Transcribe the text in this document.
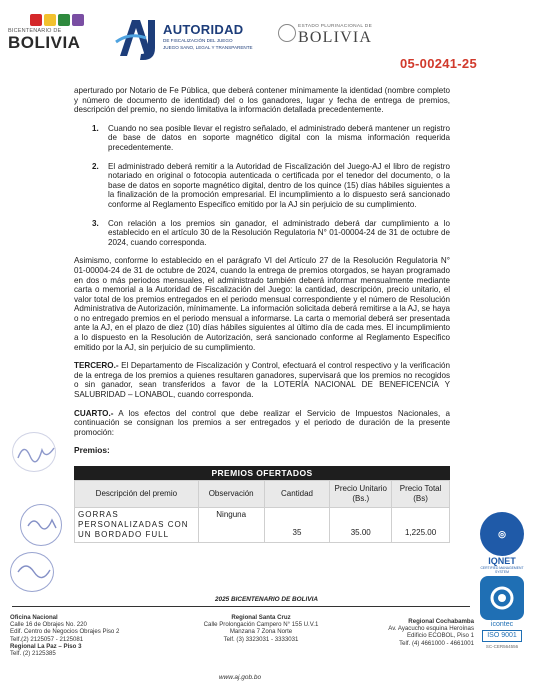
BICENTENARIO DE
BOLIVIA
AUTORIDAD
DE FISCALIZACIÓN DEL JUEGO
JUEGO SANO, LEGAL Y TRANSPARENTE
ESTADO PLURINACIONAL DE
BOLIVIA
05-00241-25

aperturado por Notario de Fe Pública, que deberá contener mínimamente la identidad (nombre completo y número de documento de identidad) del o los ganadores, lugar y fecha de entrega de premios, descripción del premio, no siendo limitativa la información detallada precedentemente.

1.	Cuando no sea posible llevar el registro señalado, el administrado deberá mantener un registro de base de datos en soporte magnético digital con la misma información requerida precedentemente.
2.	El administrado deberá remitir a la Autoridad de Fiscalización del Juego-AJ el libro de registro notariado en original o fotocopia autenticada o certificada por el tenedor del documento, o la base de datos en soporte magnético digital, dentro de los quince (15) días hábiles siguientes a la finalización de la promoción empresarial. El incumplimiento a lo dispuesto será sancionado conforme al Reglamento Especifico emitido por la AJ sin perjuicio de su cumplimiento.
3.	Con relación a los premios sin ganador, el administrado deberá dar cumplimiento a lo establecido en el artículo 30 de la Resolución Regulatoria N° 01-00004-24 de 31 de octubre de 2024, cuando corresponda.

Asimismo, conforme lo establecido en el parágrafo VI del Artículo 27 de la Resolución Regulatoria N° 01-00004-24 de 31 de octubre de 2024, cuando la entrega de premios otorgados, se hayan programado en dos o más periodos mensuales, el administrado también deberá informar mensualmente mediante carta o memorial a la Autoridad de Fiscalización del Juego: la cantidad, descripción, precio unitario, el valor total de los premios entregados en el periodo mensual correspondiente y el número de Resolución Administrativa de Autorización, mínimamente. La información solicitada deberá remitirse a la AJ, se haya o no entregado premios en el periodo mensual a informarse. La carta o memorial deberá ser presentada ante la AJ, en el plazo de diez (10) días hábiles siguientes al último día de cada mes. El incumplimiento a lo dispuesto en la Resolución de Autorización, será sancionado conforme al Reglamento Especifico emitido por la AJ, sin perjuicio de su cumplimiento.

TERCERO.- El Departamento de Fiscalización y Control, efectuará el control respectivo y la verificación de la entrega de los premios a quienes resultaren ganadores, supervisará que los premios no recogidos o sin ganador, sean transferidos a favor de la LOTERÍA NACIONAL DE BENEFICENCIA Y SALUBRIDAD – LONABOL, cuando corresponda.

CUARTO.- A los efectos del control que debe realizar el Servicio de Impuestos Nacionales, a continuación se consignan los premios a ser entregados y el periodo de duración de la presente promoción:

Premios:
PREMIOS OFERTADOS
Descripción del premio	Observación	Cantidad	Precio Unitario (Bs.)	Precio Total (Bs)
GORRAS PERSONALIZADAS CON UN BORDADO FULL	Ninguna	35	35.00	1,225.00	◎
IQNET
CERTIFIED MANAGEMENT SYSTEM
icontec
ISO 9001
SC-CER564556
2025 BICENTENARIO DE BOLIVIA
Oficina Nacional
Calle 16 de Obrajes No. 220
Edif. Centro de Negocios Obrajes Piso 2
Telf.(2) 2125057 - 2125081
Regional La Paz – Piso 3
Telf. (2) 2125385
Regional Santa Cruz
Calle Prolongación Campero N° 155 U.V.1
Manzana 7 Zona Norte
Telf. (3) 3323031 - 3333031
Regional Cochabamba
Av. Ayacucho esquina Heroínas
Edificio ECOBOL, Piso 1
Telf. (4) 4661000 - 4661001
www.aj.gob.bo
